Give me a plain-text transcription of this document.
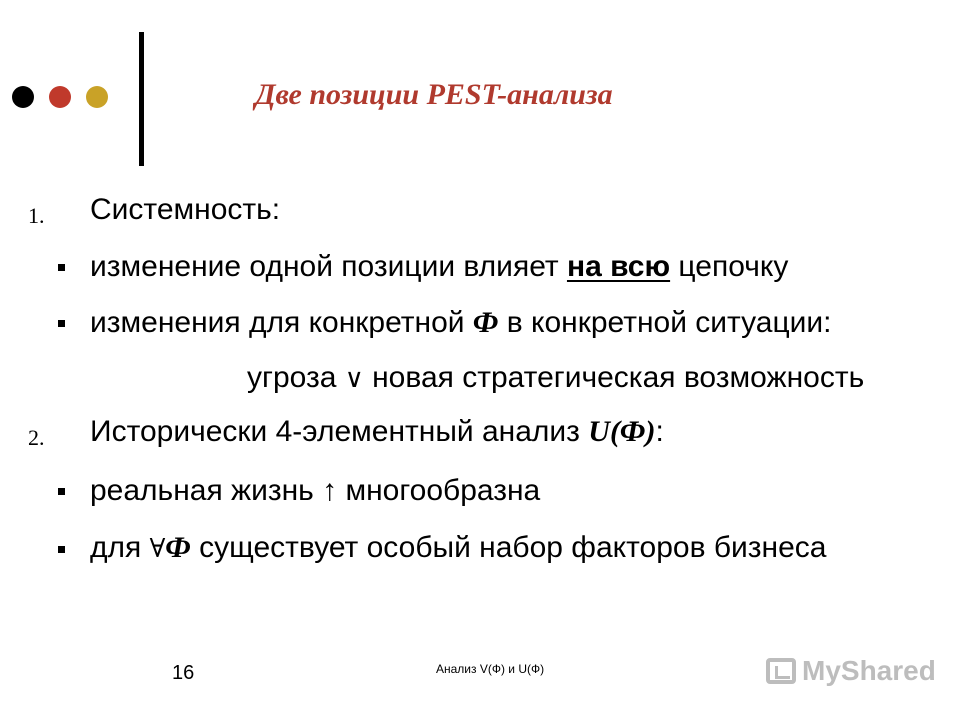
Две позиции PEST-анализа
1. Системность:
изменение одной позиции влияет на всю цепочку
изменения для конкретной Ф в конкретной ситуации:
угроза ∨ новая стратегическая возможность
2. Исторически 4-элементный анализ U(Ф):
реальная жизнь ↑ многообразна
для ∀Ф существует особый набор факторов бизнеса
16	Анализ V(Ф) и U(Ф)	MyShared
